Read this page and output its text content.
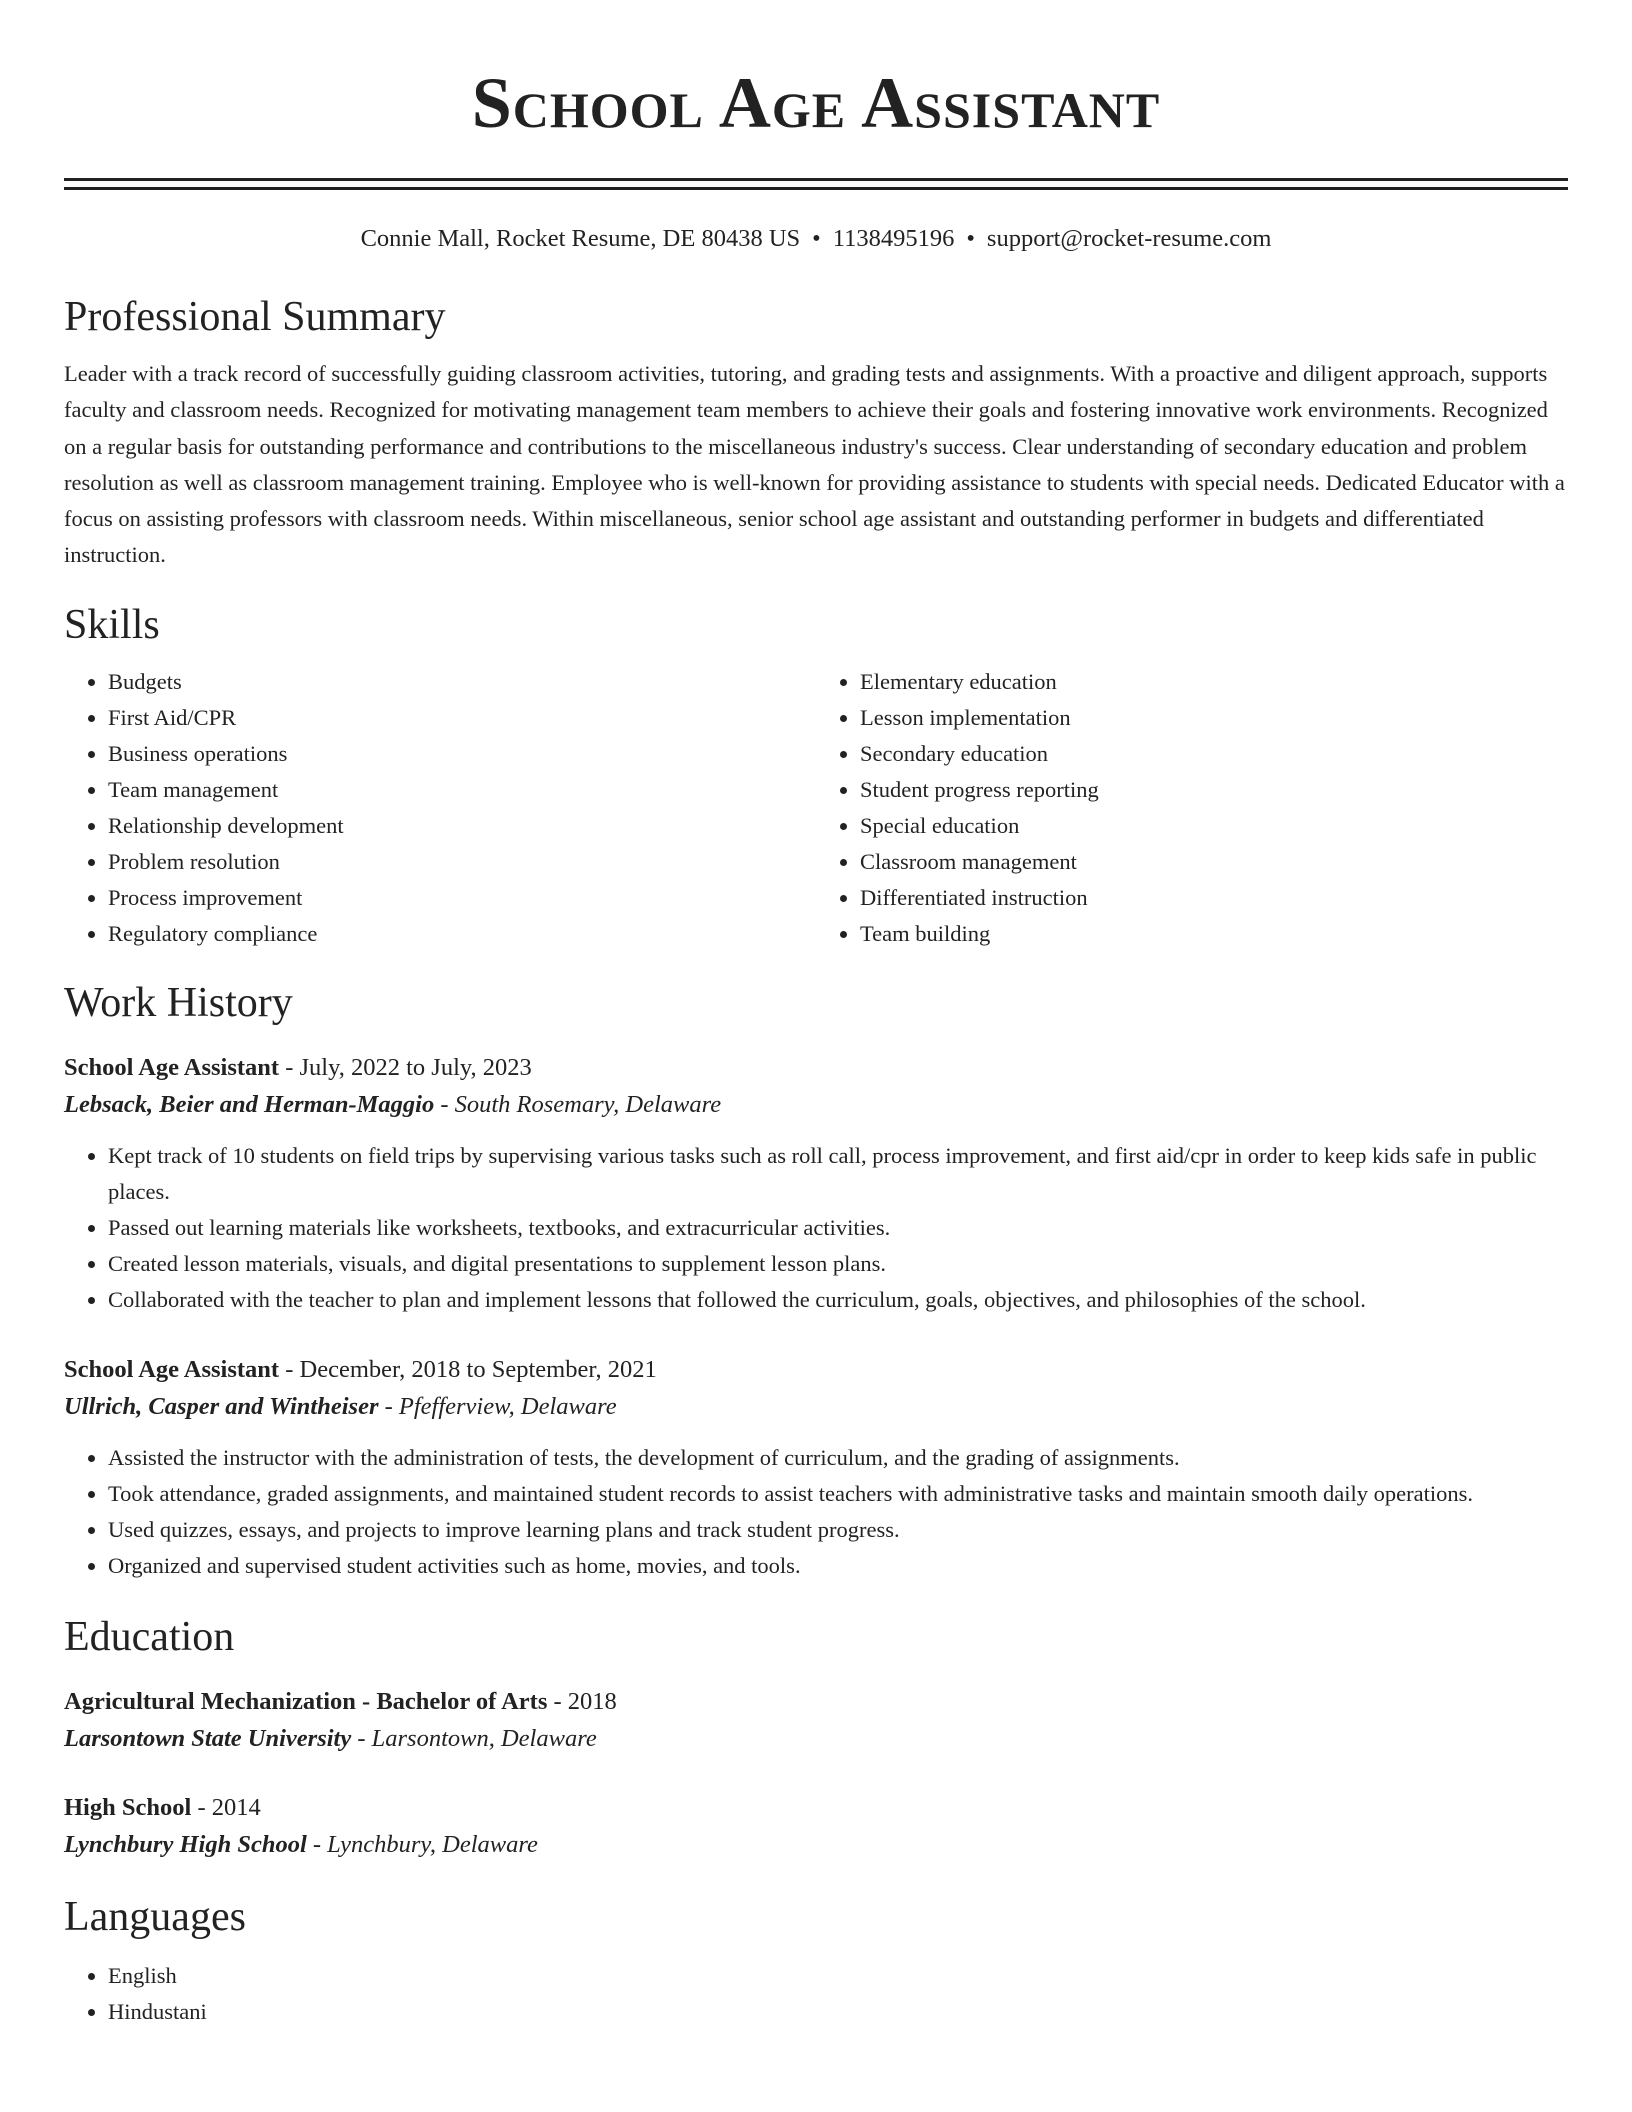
School Age Assistant
Connie Mall, Rocket Resume, DE 80438 US • 1138495196 • support@rocket-resume.com
Professional Summary

Leader with a track record of successfully guiding classroom activities, tutoring, and grading tests and assignments. With a proactive and diligent approach, supports faculty and classroom needs. Recognized for motivating management team members to achieve their goals and fostering innovative work environments. Recognized on a regular basis for outstanding performance and contributions to the miscellaneous industry's success. Clear understanding of secondary education and problem resolution as well as classroom management training. Employee who is well-known for providing assistance to students with special needs. Dedicated Educator with a focus on assisting professors with classroom needs. Within miscellaneous, senior school age assistant and outstanding performer in budgets and differentiated instruction.

Skills
• Budgets
• First Aid/CPR
• Business operations
• Team management
• Relationship development
• Problem resolution
• Process improvement
• Regulatory compliance
• Elementary education
• Lesson implementation
• Secondary education
• Student progress reporting
• Special education
• Classroom management
• Differentiated instruction
• Team building
Work History
School Age Assistant - July, 2022 to July, 2023
Lebsack, Beier and Herman-Maggio - South Rosemary, Delaware
• Kept track of 10 students on field trips by supervising various tasks such as roll call, process improvement, and first aid/cpr in order to keep kids safe in public places.
• Passed out learning materials like worksheets, textbooks, and extracurricular activities.
• Created lesson materials, visuals, and digital presentations to supplement lesson plans.
• Collaborated with the teacher to plan and implement lessons that followed the curriculum, goals, objectives, and philosophies of the school.
School Age Assistant - December, 2018 to September, 2021
Ullrich, Casper and Wintheiser - Pfefferview, Delaware
• Assisted the instructor with the administration of tests, the development of curriculum, and the grading of assignments.
• Took attendance, graded assignments, and maintained student records to assist teachers with administrative tasks and maintain smooth daily operations.
• Used quizzes, essays, and projects to improve learning plans and track student progress.
• Organized and supervised student activities such as home, movies, and tools.
Education
Agricultural Mechanization - Bachelor of Arts - 2018
Larsontown State University - Larsontown, Delaware
High School - 2014
Lynchbury High School - Lynchbury, Delaware
Languages
• English
• Hindustani
